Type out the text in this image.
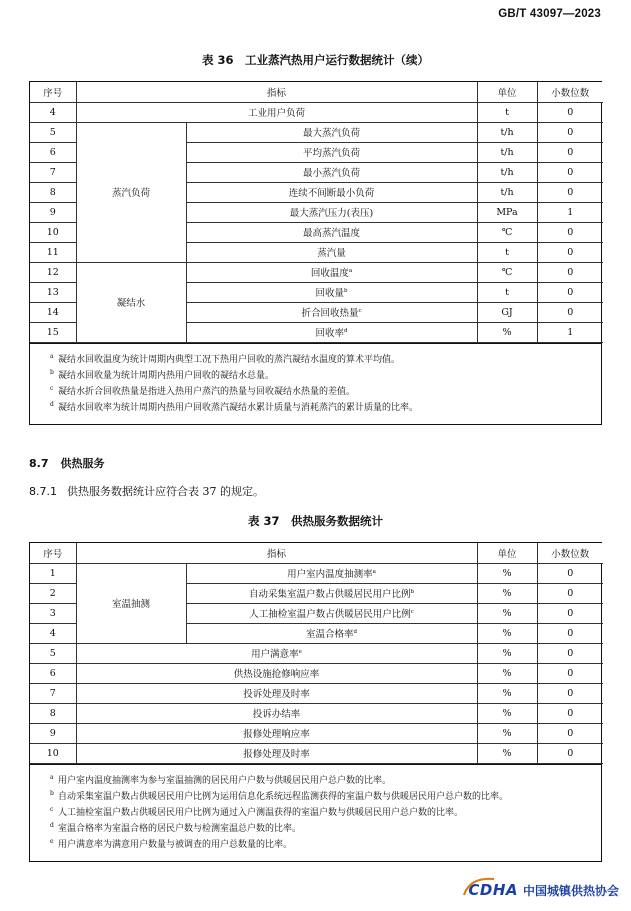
GB/T 43097—2023
表 36　工业蒸汽热用户运行数据统计（续）
序号	指标		单位	小数位数
4	工业用户负荷		t	0
5	蒸汽负荷	最大蒸汽负荷	t/h	0
6		平均蒸汽负荷	t/h	0
7		最小蒸汽负荷	t/h	0
8		连续不间断最小负荷	t/h	0
9		最大蒸汽压力(表压)	MPa	1
10		最高蒸汽温度	℃	0
11		蒸汽量	t	0
12	凝结水	回收温度$^a$	℃	0
13		回收量$^b$	t	0
14		折合回收热量$^c$	GJ	0
15		回收率$^d$	%	1
a 凝结水回收温度为统计周期内典型工况下热用户回收的蒸汽凝结水温度的算术平均值。
b 凝结水回收量为统计周期内热用户回收的凝结水总量。
c 凝结水折合回收热量是指进入热用户蒸汽的热量与回收凝结水热量的差值。
d 凝结水回收率为统计周期内热用户回收蒸汽凝结水累计质量与消耗蒸汽的累计质量的比率。
8.7 供热服务
8.7.1 供热服务数据统计应符合表 37 的规定。
表 37　供热服务数据统计
序号	指标		单位	小数位数
1	室温抽测	用户室内温度抽测率$^a$	%	0
2		自动采集室温户数占供暖居民用户比例$^b$	%	0
3		人工抽检室温户数占供暖居民用户比例$^c$	%	0
4		室温合格率$^d$	%	0
5	用户满意率$^e$		%	0
6	供热设施抢修响应率		%	0
7	投诉处理及时率		%	0
8	投诉办结率		%	0
9	报修处理响应率		%	0
10	报修处理及时率		%	0
a 用户室内温度抽测率为参与室温抽测的居民用户户数与供暖居民用户总户数的比率。
b 自动采集室温户数占供暖居民用户比例为运用信息化系统远程监测获得的室温户数与供暖居民用户总户数的比率。
c 人工抽检室温户数占供暖居民用户比例为通过入户测温获得的室温户数与供暖居民用户总户数的比率。
d 室温合格率为室温合格的居民户数与检测室温总户数的比率。
e 用户满意率为满意用户数量与被调查的用户总数量的比率。
CDHA 中国城镇供热协会
